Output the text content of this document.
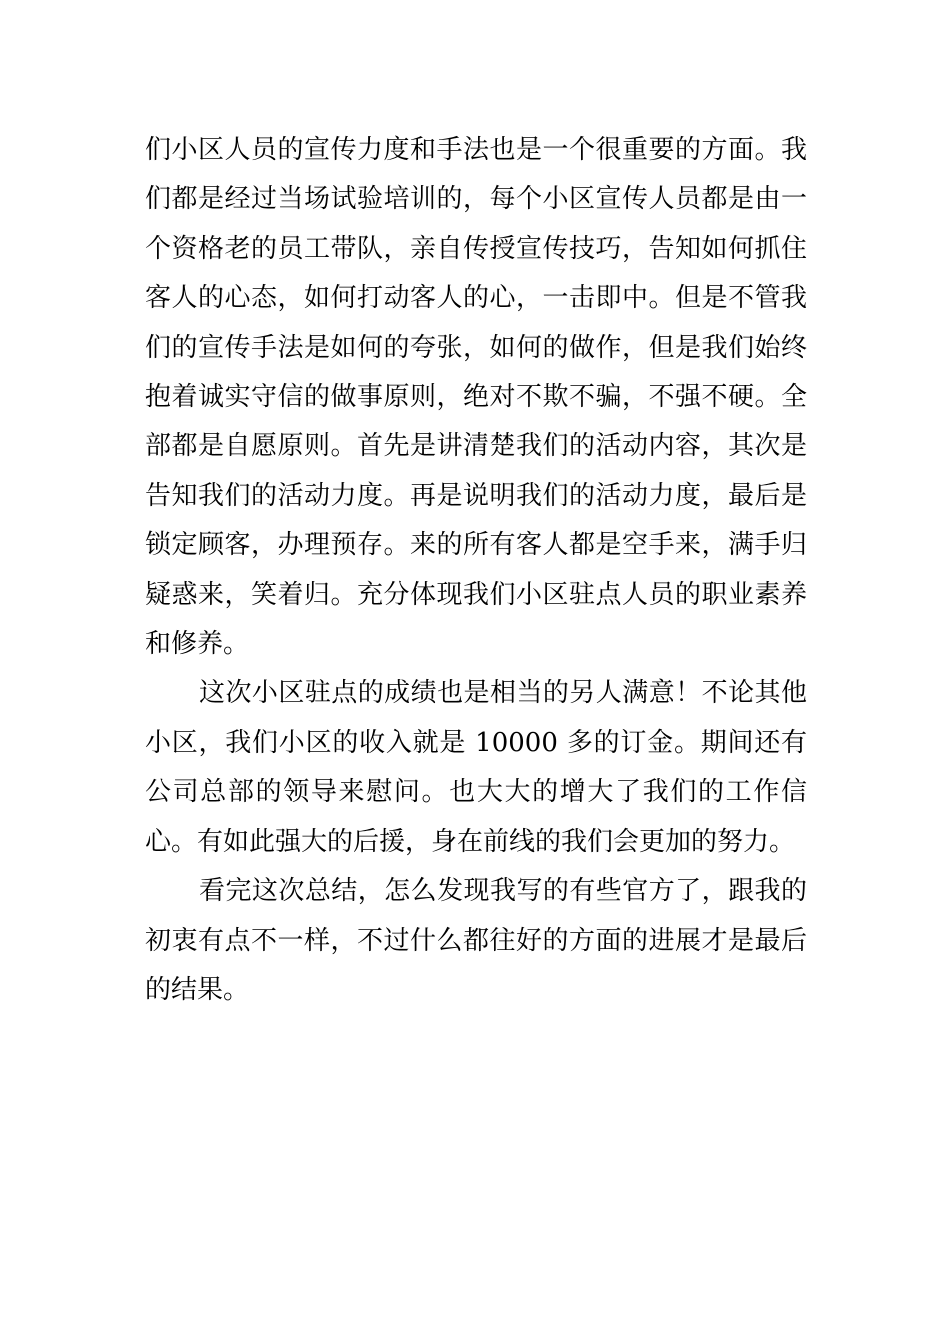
们小区人员的宣传力度和手法也是一个很重要的方面。我们都是经过当场试验培训的，每个小区宣传人员都是由一个资格老的员工带队，亲自传授宣传技巧，告知如何抓住客人的心态，如何打动客人的心，一击即中。但是不管我们的宣传手法是如何的夸张，如何的做作，但是我们始终抱着诚实守信的做事原则，绝对不欺不骗，不强不硬。全部都是自愿原则。首先是讲清楚我们的活动内容，其次是告知我们的活动力度。再是说明我们的活动力度，最后是锁定顾客，办理预存。来的所有客人都是空手来，满手归疑惑来，笑着归。充分体现我们小区驻点人员的职业素养和修养。

这次小区驻点的成绩也是相当的另人满意！不论其他小区，我们小区的收入就是 10000 多的订金。期间还有公司总部的领导来慰问。也大大的增大了我们的工作信心。有如此强大的后援，身在前线的我们会更加的努力。

看完这次总结，怎么发现我写的有些官方了，跟我的初衷有点不一样，不过什么都往好的方面的进展才是最后的结果。
